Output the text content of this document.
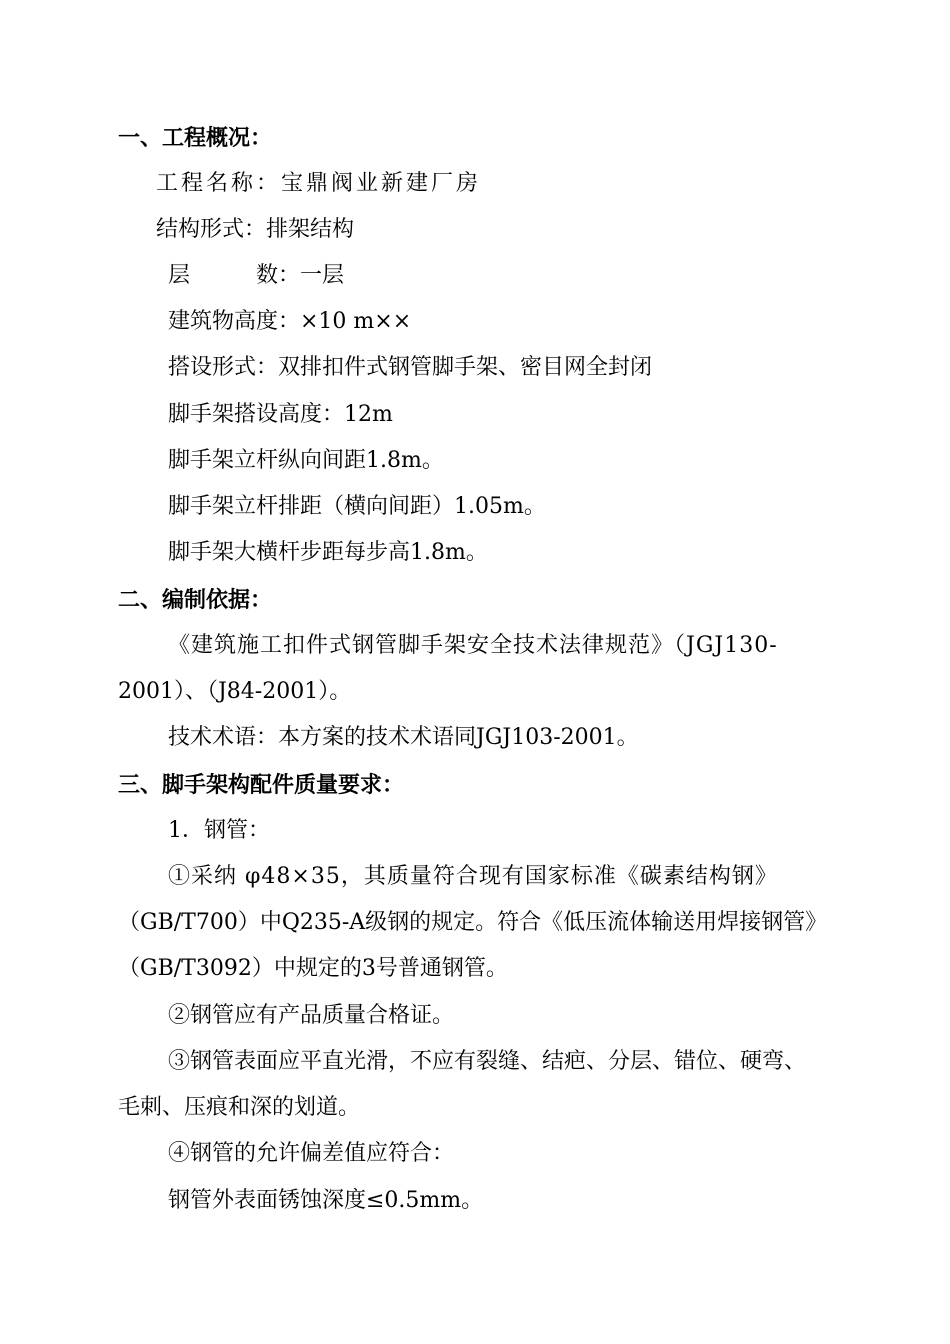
一、工程概况：
工程名称：宝鼎阀业新建厂房
结构形式：排架结构
层　　　数：一层
建筑物高度：×10 m××
搭设形式：双排扣件式钢管脚手架、密目网全封闭
脚手架搭设高度：12m
脚手架立杆纵向间距1.8m。
脚手架立杆排距（横向间距）1.05m。
脚手架大横杆步距每步高1.8m。
二、编制依据：
《建筑施工扣件式钢管脚手架安全技术法律规范》（JGJ130-
2001）、（J84-2001）。
技术术语：本方案的技术术语同JGJ103-2001。
三、脚手架构配件质量要求：
1．钢管：
①采纳 φ48×35，其质量符合现有国家标准《碳素结构钢》
（GB/T700）中Q235-A级钢的规定。符合《低压流体输送用焊接钢管》
（GB/T3092）中规定的3号普通钢管。
②钢管应有产品质量合格证。
③钢管表面应平直光滑，不应有裂缝、结疤、分层、错位、硬弯、
毛刺、压痕和深的划道。
④钢管的允许偏差值应符合：
钢管外表面锈蚀深度≤0.5mm。
